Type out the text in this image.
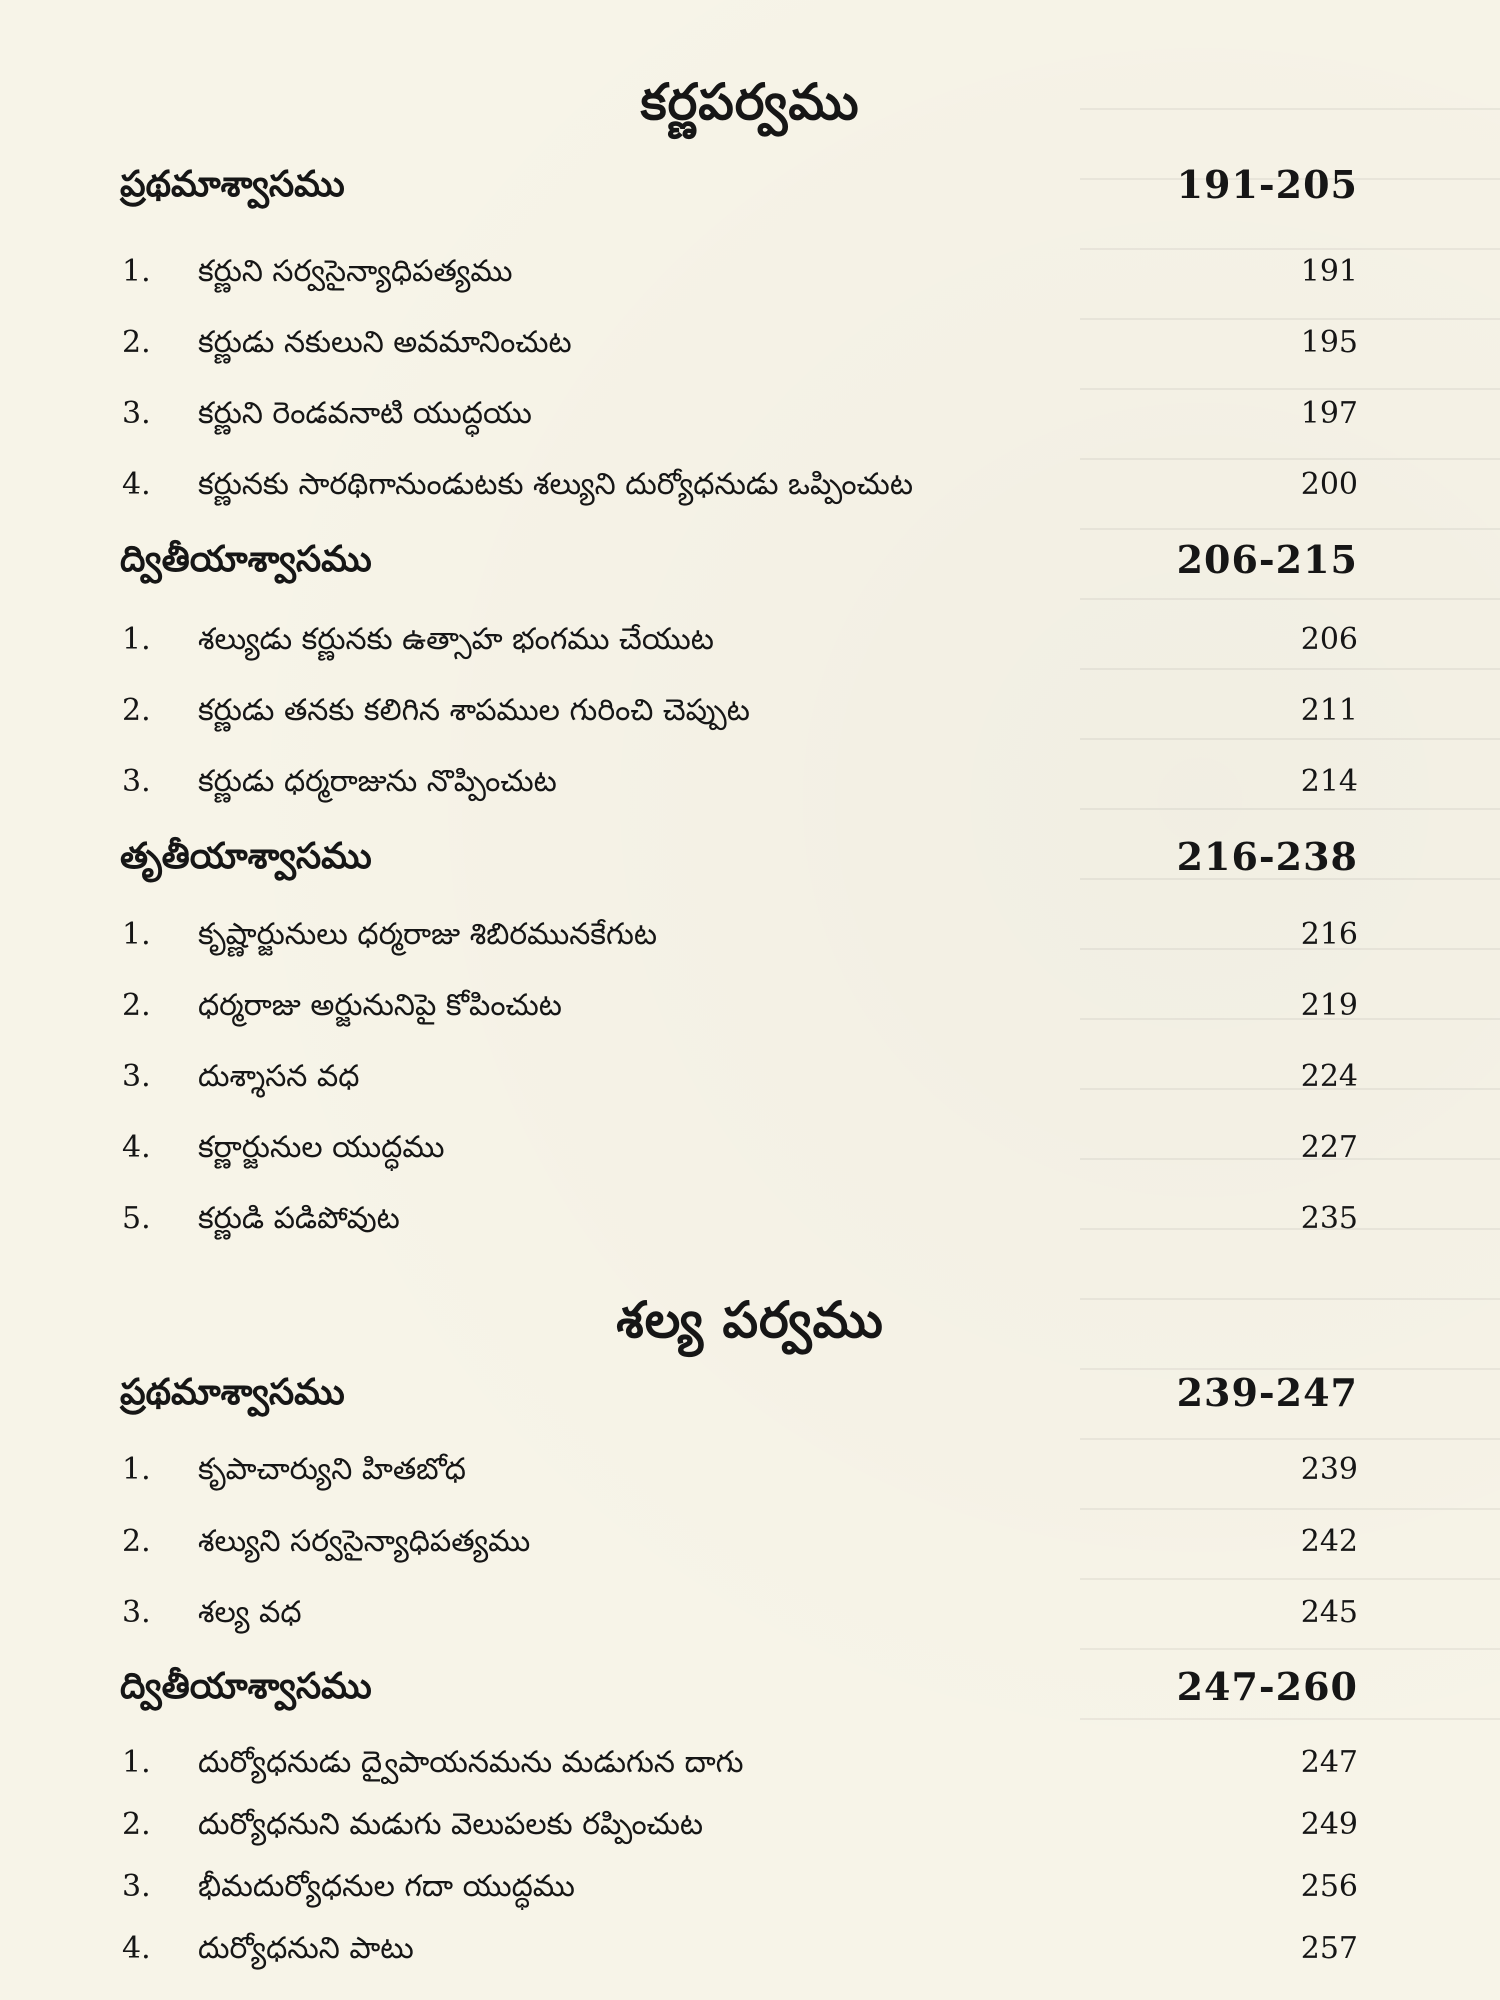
కర్ణపర్వము
ప్రథమాశ్వాసము	191-205
1. కర్ణుని సర్వసైన్యాధిపత్యము	191
2. కర్ణుడు నకులుని అవమానించుట	195
3. కర్ణుని రెండవనాటి యుద్ధయు	197
4. కర్ణునకు సారథిగానుండుటకు శల్యుని దుర్యోధనుడు ఒప్పించుట	200
ద్వితీయాశ్వాసము	206-215
1. శల్యుడు కర్ణునకు ఉత్సాహ భంగము చేయుట	206
2. కర్ణుడు తనకు కలిగిన శాపముల గురించి చెప్పుట	211
3. కర్ణుడు ధర్మరాజును నొప్పించుట	214
తృతీయాశ్వాసము	216-238
1. కృష్ణార్జునులు ధర్మరాజు శిబిరమునకేగుట	216
2. ధర్మరాజు అర్జునునిపై కోపించుట	219
3. దుశ్శాసన వధ	224
4. కర్ణార్జునుల యుద్ధము	227
5. కర్ణుడి పడిపోవుట	235
శల్య పర్వము
ప్రథమాశ్వాసము	239-247
1. కృపాచార్యుని హితబోధ	239
2. శల్యుని సర్వసైన్యాధిపత్యము	242
3. శల్య వధ	245
ద్వితీయాశ్వాసము	247-260
1. దుర్యోధనుడు ద్వైపాయనమను మడుగున దాగు	247
2. దుర్యోధనుని మడుగు వెలుపలకు రప్పించుట	249
3. భీమదుర్యోధనుల గదా యుద్ధము	256
4. దుర్యోధనుని పాటు	257
